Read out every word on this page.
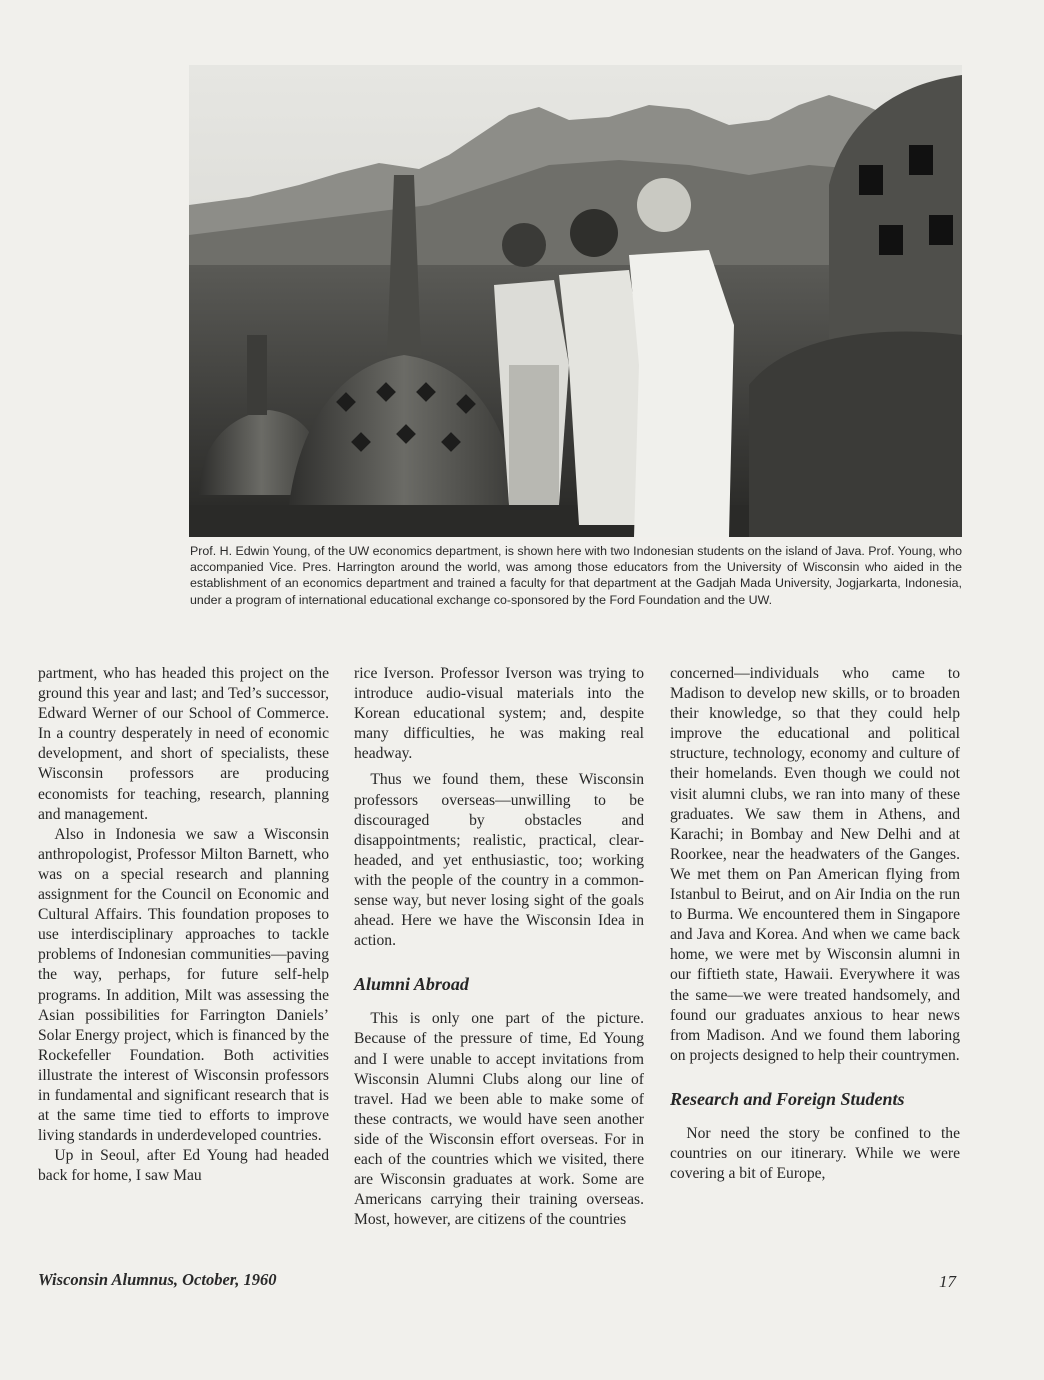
Prof. H. Edwin Young, of the UW economics department, is shown here with two Indonesian students on the island of Java. Prof. Young, who accompanied Vice. Pres. Harrington around the world, was among those educators from the University of Wisconsin who aided in the establishment of an economics department and trained a faculty for that department at the Gadjah Mada University, Jogjarkarta, Indonesia, under a program of international educational exchange co-sponsored by the Ford Foundation and the UW.

partment, who has headed this project on the ground this year and last; and Ted’s successor, Edward Werner of our School of Commerce. In a country desperately in need of economic development, and short of specialists, these Wisconsin professors are producing economists for teaching, research, planning and management.

Also in Indonesia we saw a Wisconsin anthropologist, Professor Milton Barnett, who was on a special research and planning assignment for the Council on Economic and Cultural Affairs. This foundation proposes to use interdisciplinary approaches to tackle problems of Indonesian communities—paving the way, perhaps, for future self-help programs. In addition, Milt was assessing the Asian possibilities for Farrington Daniels’ Solar Energy project, which is financed by the Rockefeller Foundation. Both activities illustrate the interest of Wisconsin professors in fundamental and significant research that is at the same time tied to efforts to improve living standards in underdeveloped countries.

Up in Seoul, after Ed Young had headed back for home, I saw Mau

rice Iverson. Professor Iverson was trying to introduce audio-visual materials into the Korean educational system; and, despite many difficulties, he was making real headway.

Thus we found them, these Wisconsin professors overseas—unwilling to be discouraged by obstacles and disappointments; realistic, practical, clear-headed, and yet enthusiastic, too; working with the people of the country in a common-sense way, but never losing sight of the goals ahead. Here we have the Wisconsin Idea in action.

Alumni Abroad

This is only one part of the picture. Because of the pressure of time, Ed Young and I were unable to accept invitations from Wisconsin Alumni Clubs along our line of travel. Had we been able to make some of these contracts, we would have seen another side of the Wisconsin effort overseas. For in each of the countries which we visited, there are Wisconsin graduates at work. Some are Americans carrying their training overseas. Most, however, are citizens of the countries

concerned—individuals who came to Madison to develop new skills, or to broaden their knowledge, so that they could help improve the educational and political structure, technology, economy and culture of their homelands. Even though we could not visit alumni clubs, we ran into many of these graduates. We saw them in Athens, and Karachi; in Bombay and New Delhi and at Roorkee, near the headwaters of the Ganges. We met them on Pan American flying from Istanbul to Beirut, and on Air India on the run to Burma. We encountered them in Singapore and Java and Korea. And when we came back home, we were met by Wisconsin alumni in our fiftieth state, Hawaii. Everywhere it was the same—we were treated handsomely, and found our graduates anxious to hear news from Madison. And we found them laboring on projects designed to help their countrymen.

Research and Foreign Students

Nor need the story be confined to the countries on our itinerary. While we were covering a bit of Europe,

Wisconsin Alumnus, October, 1960	17
